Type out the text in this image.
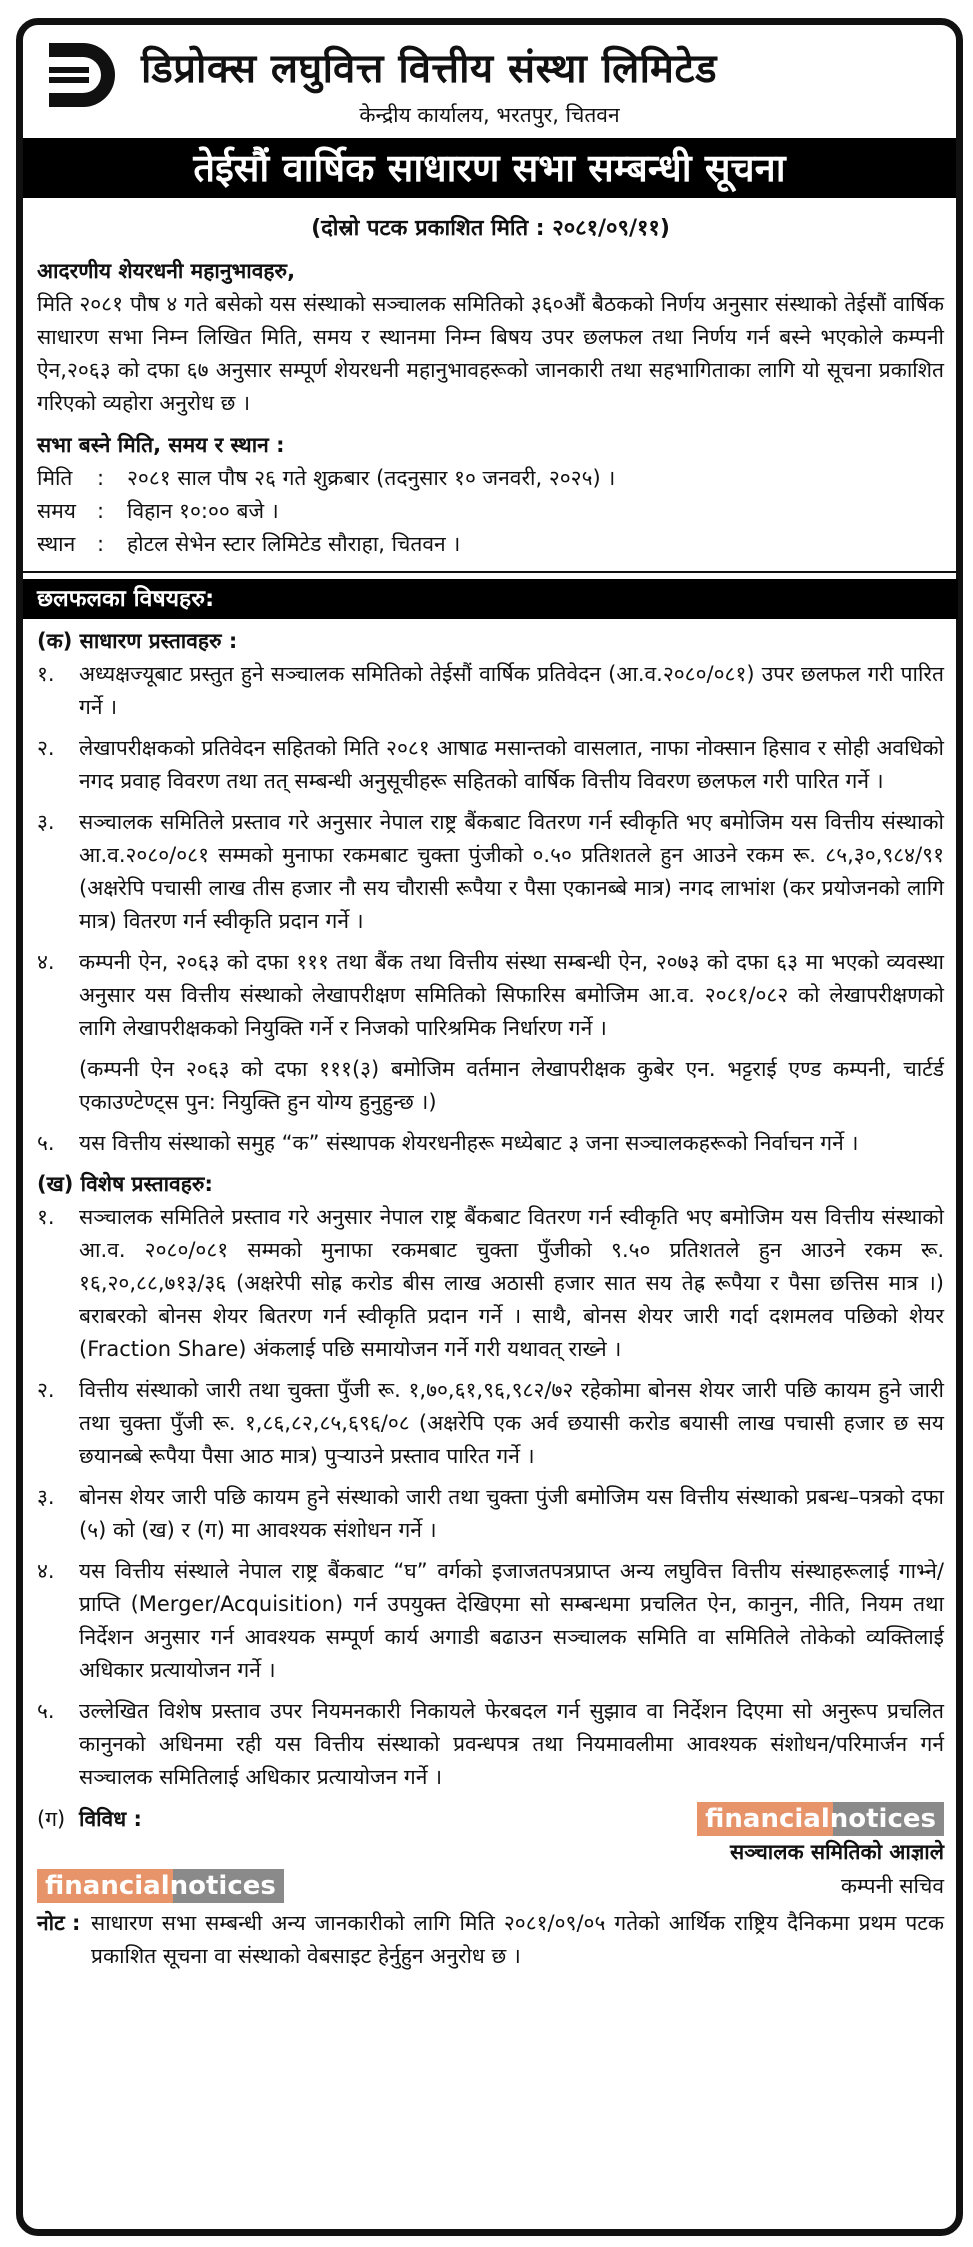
डिप्रोक्स लघुवित्त वित्तीय संस्था लिमिटेड
केन्द्रीय कार्यालय, भरतपुर, चितवन
तेईसौं वार्षिक साधारण सभा सम्बन्धी सूचना
(दोस्रो पटक प्रकाशित मिति : २०८१/०९/११)
आदरणीय शेयरधनी महानुभावहरु,

मिति २०८१ पौष ४ गते बसेको यस संस्थाको सञ्चालक समितिको ३६०औं बैठकको निर्णय अनुसार संस्थाको तेईसौं वार्षिक साधारण सभा निम्न लिखित मिति, समय र स्थानमा निम्न बिषय उपर छलफल तथा निर्णय गर्न बस्ने भएकोले कम्पनी ऐन,२०६३ को दफा ६७ अनुसार सम्पूर्ण शेयरधनी महानुभावहरूको जानकारी तथा सहभागिताका लागि यो सूचना प्रकाशित गरिएको व्यहोरा अनुरोध छ ।

सभा बस्ने मिति, समय र स्थान :
मिति	:	२०८१ साल पौष २६ गते शुक्रबार (तदनुसार १० जनवरी, २०२५) ।
समय	:	विहान १०:०० बजे ।
स्थान	:	होटल सेभेन स्टार लिमिटेड सौराहा, चितवन ।
छलफलका विषयहरु:
(क) साधारण प्रस्तावहरु :
१.	अध्यक्षज्यूबाट प्रस्तुत हुने सञ्चालक समितिको तेईसौं वार्षिक प्रतिवेदन (आ.व.२०८०/०८१) उपर छलफल गरी पारित गर्ने ।
२.	लेखापरीक्षकको प्रतिवेदन सहितको मिति २०८१ आषाढ मसान्तको वासलात, नाफा नोक्सान हिसाव र सोही अवधिको नगद प्रवाह विवरण तथा तत् सम्बन्धी अनुसूचीहरू सहितको वार्षिक वित्तीय विवरण छलफल गरी पारित गर्ने ।
३.	सञ्चालक समितिले प्रस्ताव गरे अनुसार नेपाल राष्ट्र बैंकबाट वितरण गर्न स्वीकृति भए बमोजिम यस वित्तीय संस्थाको आ.व.२०८०/०८१ सम्मको मुनाफा रकमबाट चुक्ता पुंजीको ०.५० प्रतिशतले हुन आउने रकम रू. ८५,३०,९८४/९१ (अक्षरेपि पचासी लाख तीस हजार नौ सय चौरासी रूपैया र पैसा एकानब्बे मात्र) नगद लाभांश (कर प्रयोजनको लागि मात्र) वितरण गर्न स्वीकृति प्रदान गर्ने ।
४.	कम्पनी ऐन, २०६३ को दफा १११ तथा बैंक तथा वित्तीय संस्था सम्बन्धी ऐन, २०७३ को दफा ६३ मा भएको व्यवस्था अनुसार यस वित्तीय संस्थाको लेखापरीक्षण समितिको सिफारिस बमोजिम आ.व. २०८१/०८२ को लेखापरीक्षणको लागि लेखापरीक्षकको नियुक्ति गर्ने र निजको पारिश्रमिक निर्धारण गर्ने ।
(कम्पनी ऐन २०६३ को दफा १११(३) बमोजिम वर्तमान लेखापरीक्षक कुबेर एन. भट्टराई एण्ड कम्पनी, चार्टर्ड एकाउण्टेण्ट्स पुन: नियुक्ति हुन योग्य हुनुहुन्छ ।)
५.	यस वित्तीय संस्थाको समुह “क” संस्थापक शेयरधनीहरू मध्येबाट ३ जना सञ्चालकहरूको निर्वाचन गर्ने ।
(ख) विशेष प्रस्तावहरु:
१.	सञ्चालक समितिले प्रस्ताव गरे अनुसार नेपाल राष्ट्र बैंकबाट वितरण गर्न स्वीकृति भए बमोजिम यस वित्तीय संस्थाको आ.व. २०८०/०८१ सम्मको मुनाफा रकमबाट चुक्ता पुँजीको ९.५० प्रतिशतले हुन आउने रकम रू. १६,२०,८८,७१३/३६ (अक्षरेपी सोह्र करोड बीस लाख अठासी हजार सात सय तेह्र रूपैया र पैसा छत्तिस मात्र ।) बराबरको बोनस शेयर बितरण गर्न स्वीकृति प्रदान गर्ने । साथै, बोनस शेयर जारी गर्दा दशमलव पछिको शेयर (Fraction Share) अंकलाई पछि समायोजन गर्ने गरी यथावत् राख्ने ।
२.	वित्तीय संस्थाको जारी तथा चुक्ता पुँजी रू. १,७०,६१,९६,९८२/७२ रहेकोमा बोनस शेयर जारी पछि कायम हुने जारी तथा चुक्ता पुँजी रू. १,८६,८२,८५,६९६/०८ (अक्षरेपि एक अर्व छयासी करोड बयासी लाख पचासी हजार छ सय छयानब्बे रूपैया पैसा आठ मात्र) पुऱ्याउने प्रस्ताव पारित गर्ने ।
३.	बोनस शेयर जारी पछि कायम हुने संस्थाको जारी तथा चुक्ता पुंजी बमोजिम यस वित्तीय संस्थाको प्रबन्ध–पत्रको दफा (५) को (ख) र (ग) मा आवश्यक संशोधन गर्ने ।
४.	यस वित्तीय संस्थाले नेपाल राष्ट्र बैंकबाट “घ” वर्गको इजाजतपत्रप्राप्त अन्य लघुवित्त वित्तीय संस्थाहरूलाई गाभ्ने/प्राप्ति (Merger/Acquisition) गर्न उपयुक्त देखिएमा सो सम्बन्धमा प्रचलित ऐन, कानुन, नीति, नियम तथा निर्देशन अनुसार गर्न आवश्यक सम्पूर्ण कार्य अगाडी बढाउन सञ्चालक समिति वा समितिले तोकेको व्यक्तिलाई अधिकार प्रत्यायोजन गर्ने ।
५.	उल्लेखित विशेष प्रस्ताव उपर नियमनकारी निकायले फेरबदल गर्न सुझाव वा निर्देशन दिएमा सो अनुरूप प्रचलित कानुनको अधिनमा रही यस वित्तीय संस्थाको प्रवन्धपत्र तथा नियमावलीमा आवश्यक संशोधन/परिमार्जन गर्न सञ्चालक समितिलाई अधिकार प्रत्यायोजन गर्ने ।
(ग) विविध :	financialnotices
सञ्चालक समितिको आज्ञाले
financialnotices	कम्पनी सचिव
नोट : साधारण सभा सम्बन्धी अन्य जानकारीको लागि मिति २०८१/०९/०५ गतेको आर्थिक राष्ट्रिय दैनिकमा प्रथम पटक प्रकाशित सूचना वा संस्थाको वेबसाइट हेर्नुहुन अनुरोध छ ।
